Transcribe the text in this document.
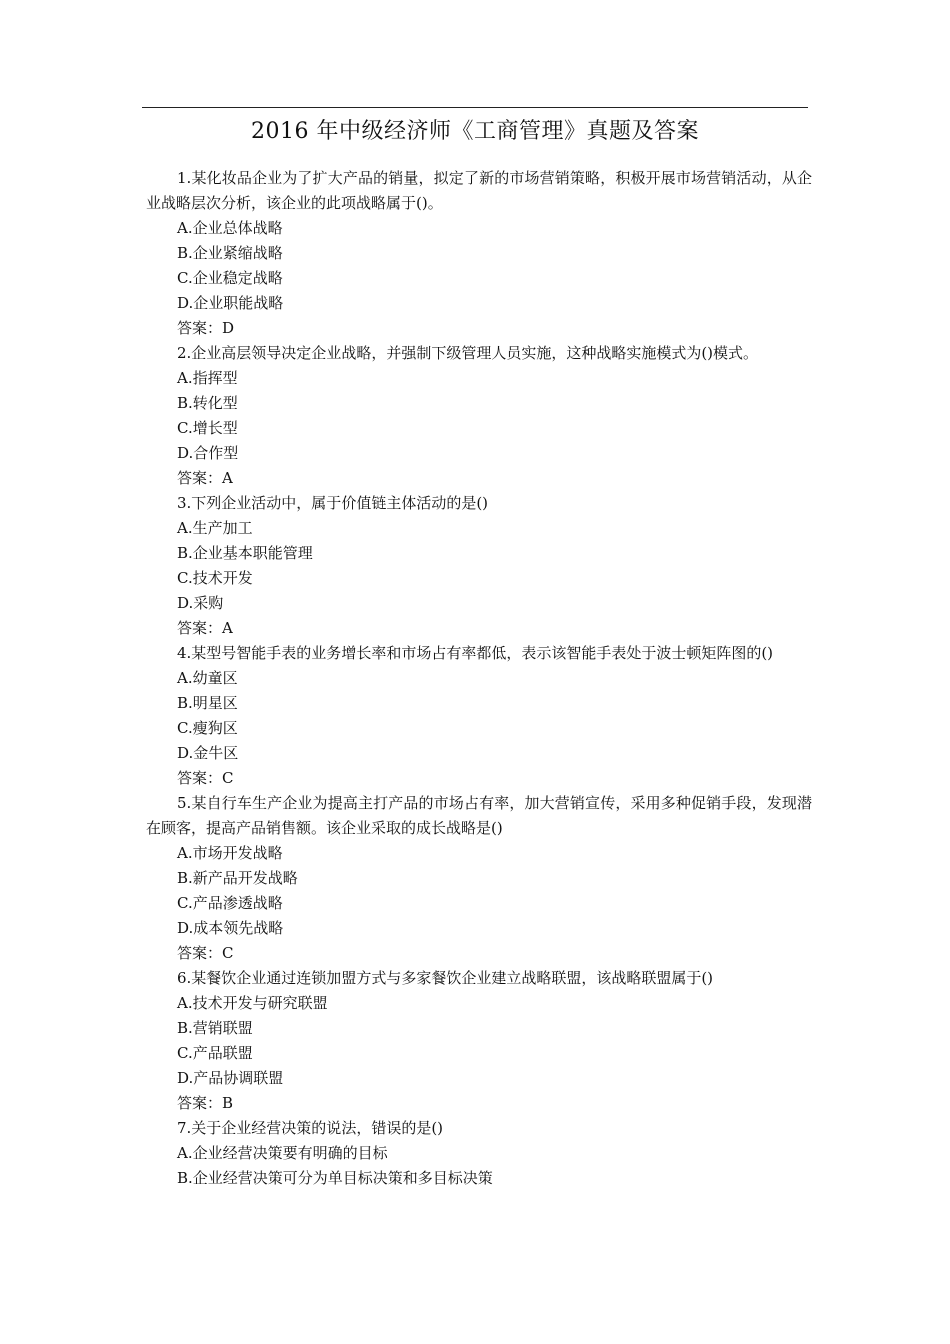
2016 年中级经济师《工商管理》真题及答案
1.某化妆品企业为了扩大产品的销量，拟定了新的市场营销策略，积极开展市场营销活动，从企业战略层次分析，该企业的此项战略属于()。
A.企业总体战略
B.企业紧缩战略
C.企业稳定战略
D.企业职能战略
答案：D
2.企业高层领导决定企业战略，并强制下级管理人员实施，这种战略实施模式为()模式。
A.指挥型
B.转化型
C.增长型
D.合作型
答案：A
3.下列企业活动中，属于价值链主体活动的是()
A.生产加工
B.企业基本职能管理
C.技术开发
D.采购
答案：A
4.某型号智能手表的业务增长率和市场占有率都低，表示该智能手表处于波士顿矩阵图的()
A.幼童区
B.明星区
C.瘦狗区
D.金牛区
答案：C
5.某自行车生产企业为提高主打产品的市场占有率，加大营销宣传，采用多种促销手段，发现潜在顾客，提高产品销售额。该企业采取的成长战略是()
A.市场开发战略
B.新产品开发战略
C.产品渗透战略
D.成本领先战略
答案：C
6.某餐饮企业通过连锁加盟方式与多家餐饮企业建立战略联盟，该战略联盟属于()
A.技术开发与研究联盟
B.营销联盟
C.产品联盟
D.产品协调联盟
答案：B
7.关于企业经营决策的说法，错误的是()
A.企业经营决策要有明确的目标
B.企业经营决策可分为单目标决策和多目标决策
